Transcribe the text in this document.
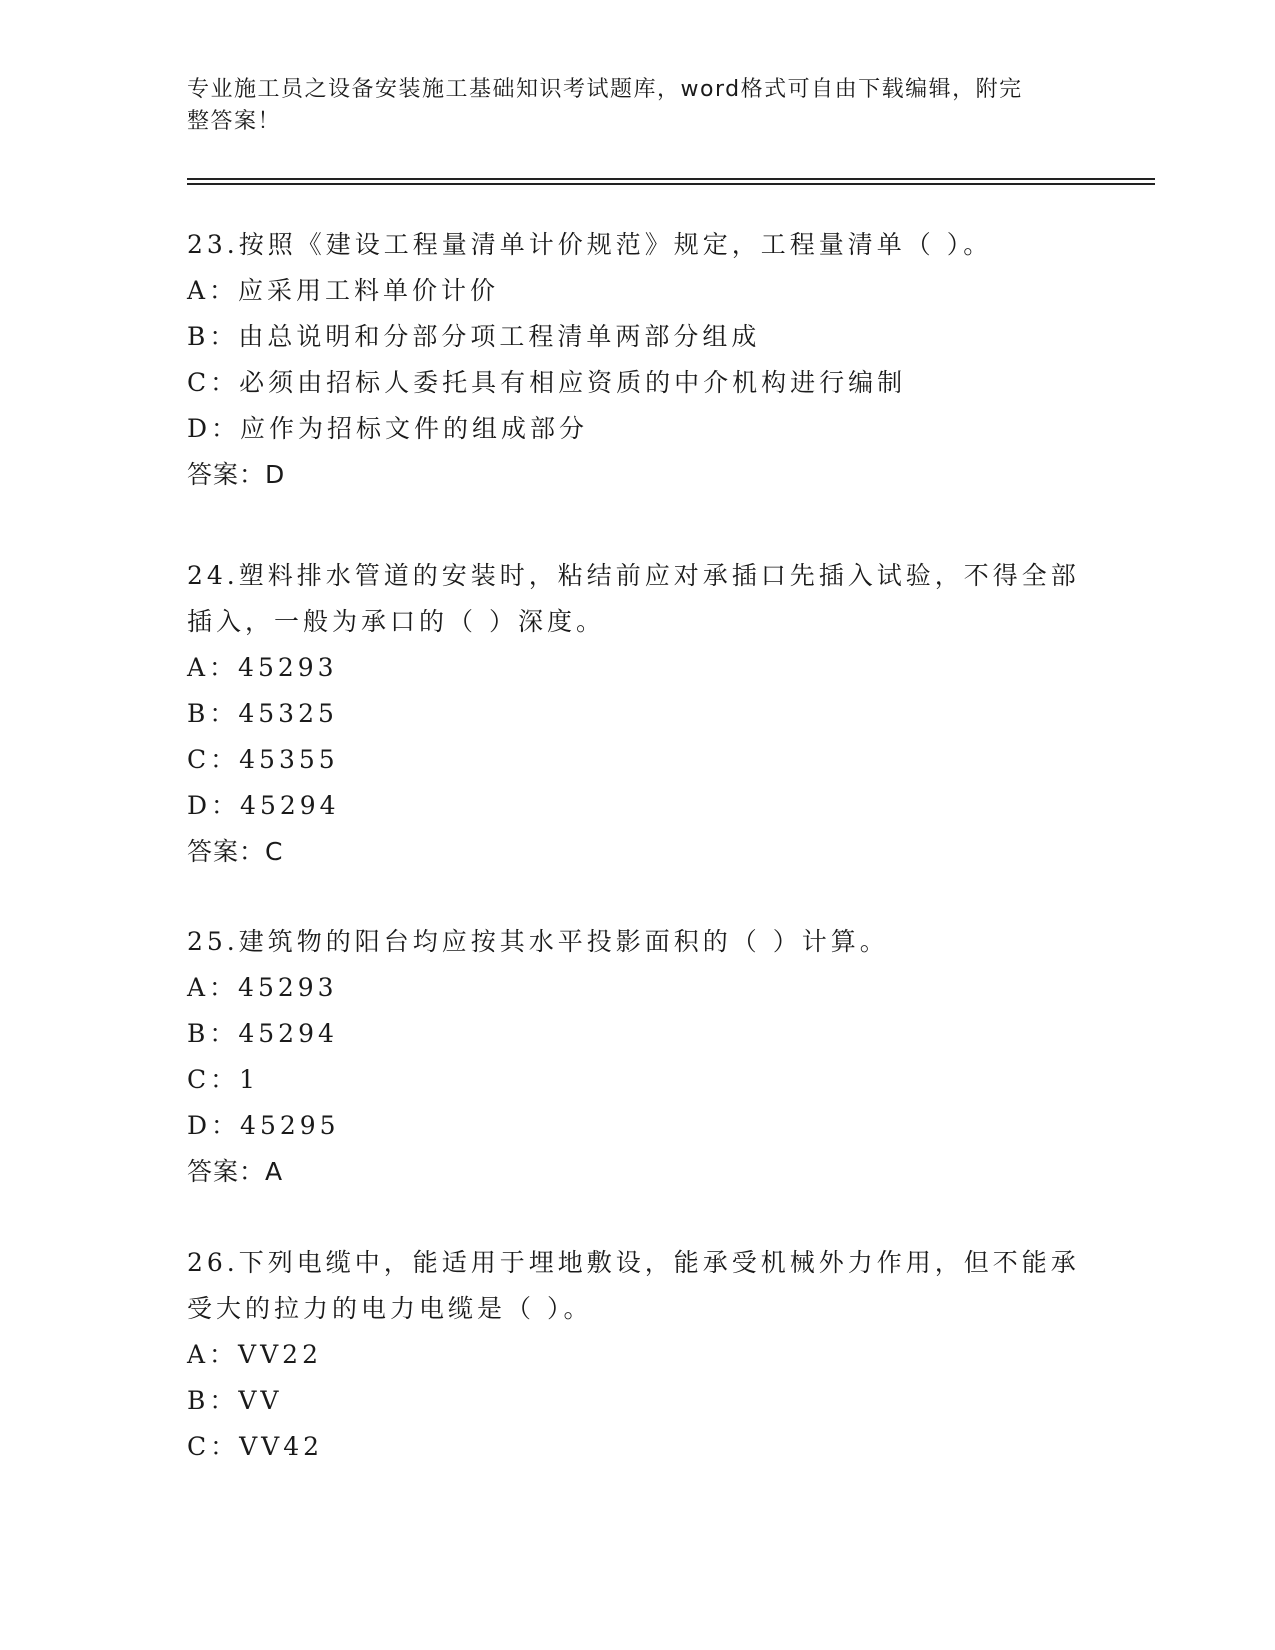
专业施工员之设备安装施工基础知识考试题库，word格式可自由下载编辑，附完
整答案！

23.按照《建设工程量清单计价规范》规定，工程量清单（ ）。

A：应采用工料单价计价

B：由总说明和分部分项工程清单两部分组成

C：必须由招标人委托具有相应资质的中介机构进行编制

D：应作为招标文件的组成部分

答案：D

24.塑料排水管道的安装时，粘结前应对承插口先插入试验，不得全部

插入，一般为承口的（ ）深度。

A：45293

B：45325

C：45355

D：45294

答案：C

25.建筑物的阳台均应按其水平投影面积的（ ）计算。

A：45293

B：45294

C：1

D：45295

答案：A

26.下列电缆中，能适用于埋地敷设，能承受机械外力作用，但不能承

受大的拉力的电力电缆是（ ）。

A：VV22

B：VV

C：VV42
